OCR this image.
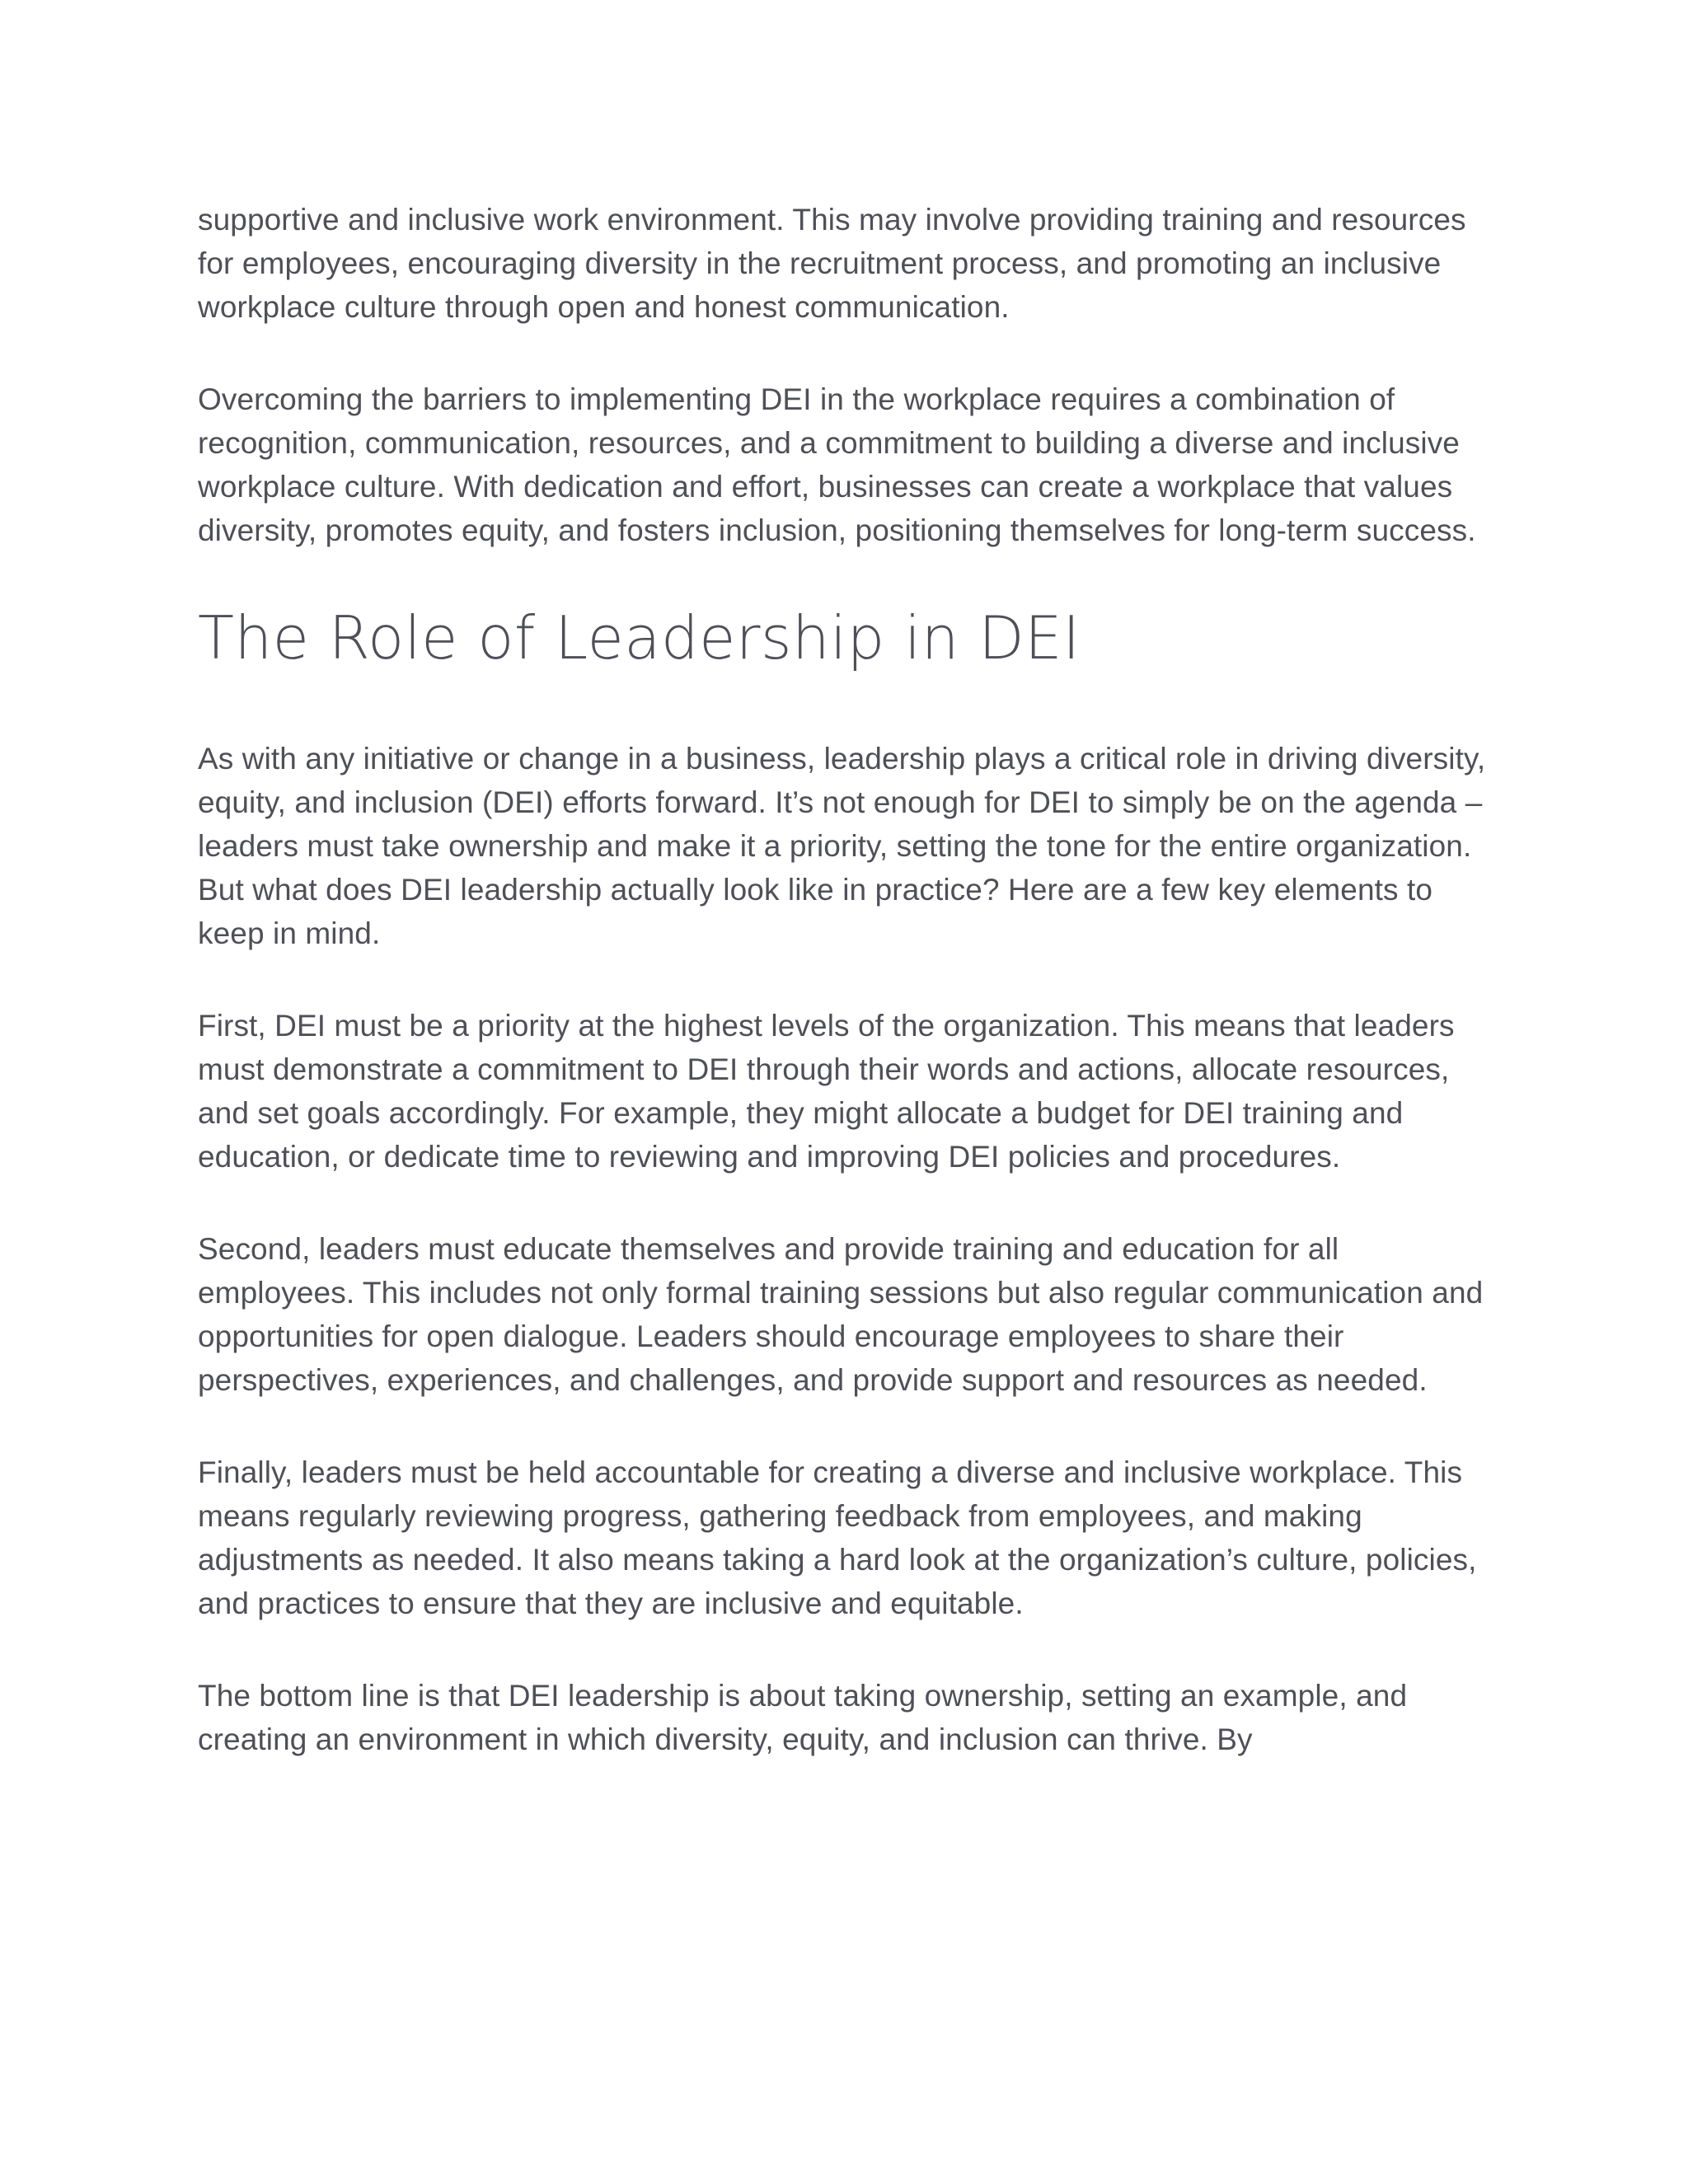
supportive and inclusive work environment. This may involve providing training and resources for employees, encouraging diversity in the recruitment process, and promoting an inclusive workplace culture through open and honest communication.

Overcoming the barriers to implementing DEI in the workplace requires a combination of recognition, communication, resources, and a commitment to building a diverse and inclusive workplace culture. With dedication and effort, businesses can create a workplace that values diversity, promotes equity, and fosters inclusion, positioning themselves for long-term success.

The Role of Leadership in DEI

As with any initiative or change in a business, leadership plays a critical role in driving diversity, equity, and inclusion (DEI) efforts forward. It’s not enough for DEI to simply be on the agenda – leaders must take ownership and make it a priority, setting the tone for the entire organization. But what does DEI leadership actually look like in practice? Here are a few key elements to keep in mind.

First, DEI must be a priority at the highest levels of the organization. This means that leaders must demonstrate a commitment to DEI through their words and actions, allocate resources, and set goals accordingly. For example, they might allocate a budget for DEI training and education, or dedicate time to reviewing and improving DEI policies and procedures.

Second, leaders must educate themselves and provide training and education for all employees. This includes not only formal training sessions but also regular communication and opportunities for open dialogue. Leaders should encourage employees to share their perspectives, experiences, and challenges, and provide support and resources as needed.

Finally, leaders must be held accountable for creating a diverse and inclusive workplace. This means regularly reviewing progress, gathering feedback from employees, and making adjustments as needed. It also means taking a hard look at the organization’s culture, policies, and practices to ensure that they are inclusive and equitable.

The bottom line is that DEI leadership is about taking ownership, setting an example, and creating an environment in which diversity, equity, and inclusion can thrive. By
